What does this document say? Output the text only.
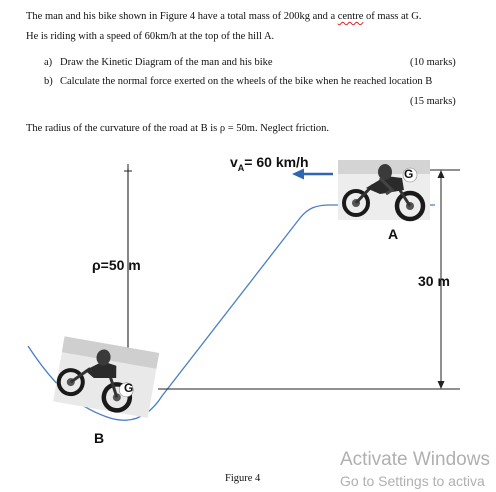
The man and his bike shown in Figure 4 have a total mass of 200kg and a centre of mass at G.
He is riding with a speed of 60km/h at the top of the hill A.
a) Draw the Kinetic Diagram of the man and his bike	(10 marks)
b) Calculate the normal force exerted on the wheels of the bike when he reached location B
(15 marks)
The radius of the curvature of the road at B is ρ = 50m. Neglect friction.
$v_A= 60$ km/h
G
A
ρ=50 m
30 m
G
B
Figure 4
Activate Windows
Go to Settings to activa
